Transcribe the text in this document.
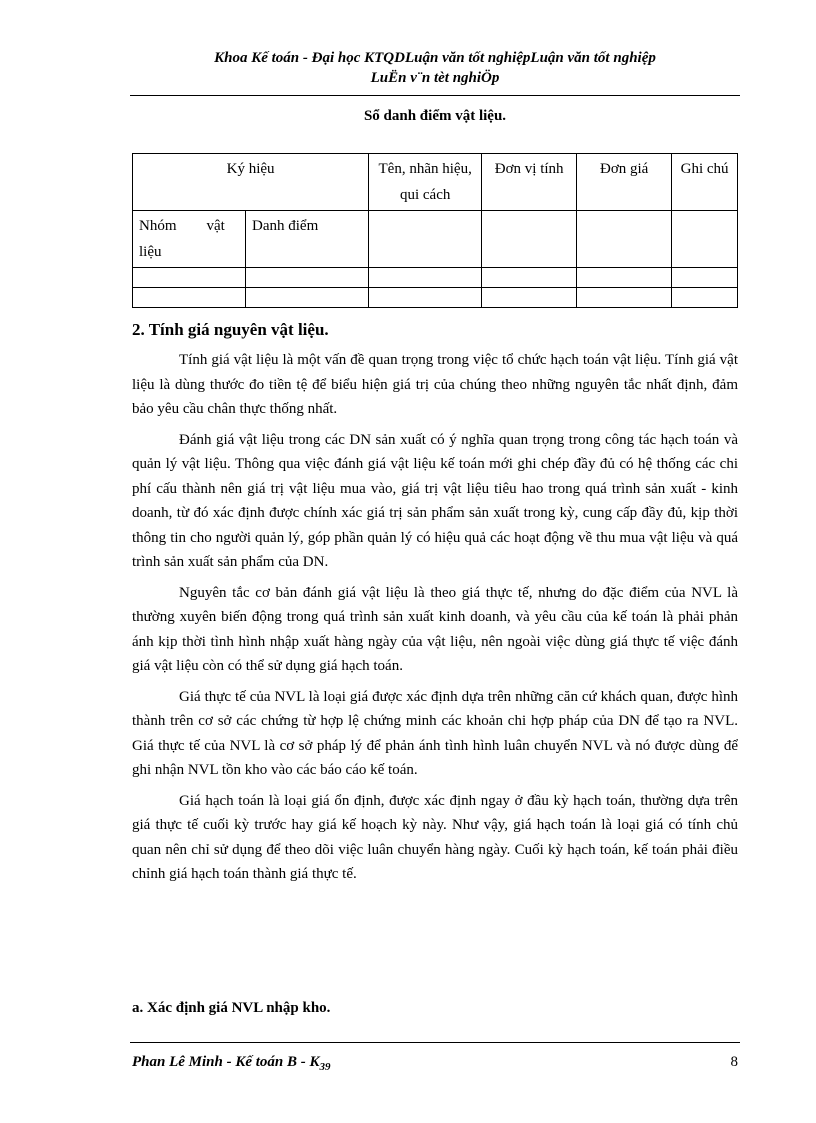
Khoa Kế toán - Đại học KTQDLuận văn tốt nghiệpLuận văn tốt nghiệp
LuËn v¨n tèt nghiÖp
Sổ danh điểm vật liệu.
Ký hiệu		Tên, nhãn hiệu, qui cách	Đơn vị tính	Đơn giá	Ghi chú
Nhóm        vật liệu	Danh điểm				

2. Tính giá nguyên vật liệu.

Tính giá vật liệu là một vấn đề quan trọng trong việc tổ chức hạch toán vật liệu. Tính giá vật liệu là dùng thước đo tiền tệ để biểu hiện giá trị của chúng theo những nguyên tắc nhất định, đảm bảo yêu cầu chân thực thống nhất.

Đánh giá vật liệu trong các DN sản xuất có ý nghĩa quan trọng trong công tác hạch toán và quản lý vật liệu. Thông qua việc đánh giá vật liệu kế toán mới ghi chép đầy đủ có hệ thống các chi phí cấu thành nên giá trị vật liệu mua vào, giá trị vật liệu tiêu hao trong quá trình sản xuất - kinh doanh, từ đó xác định được chính xác giá trị sản phẩm sản xuất trong kỳ, cung cấp đầy đủ, kịp thời thông tin cho người quản lý, góp phần quản lý có hiệu quả các hoạt động về thu mua vật liệu và quá trình sản xuất sản phẩm của DN.

Nguyên tắc cơ bản đánh giá vật liệu là theo giá thực tế, nhưng do đặc điểm của NVL là thường xuyên biến động trong quá trình sản xuất kinh doanh, và yêu cầu của kế toán là phải phản ánh kịp thời tình hình nhập xuất hàng ngày của vật liệu, nên ngoài việc dùng giá thực tế việc đánh giá vật liệu còn có thể sử dụng giá hạch toán.

Giá thực tế của NVL là loại giá được xác định dựa trên những căn cứ khách quan, được hình thành trên cơ sở các chứng từ hợp lệ chứng minh các khoản chi hợp pháp của DN để tạo ra NVL. Giá thực tế của NVL là cơ sở pháp lý để phản ánh tình hình luân chuyển NVL và nó được dùng để ghi nhận NVL tồn kho vào các báo cáo kế toán.

Giá hạch toán là loại giá ổn định, được xác định ngay ở đầu kỳ hạch toán, thường dựa trên giá thực tế cuối kỳ trước hay giá kế hoạch kỳ này. Như vậy, giá hạch toán là loại giá có tính chủ quan nên chỉ sử dụng để theo dõi việc luân chuyển hàng ngày. Cuối kỳ hạch toán, kế toán phải điều chỉnh giá hạch toán thành giá thực tế.

a. Xác định giá NVL nhập kho.
Phan Lê Minh - Kế toán B - $K_{39}$	8
